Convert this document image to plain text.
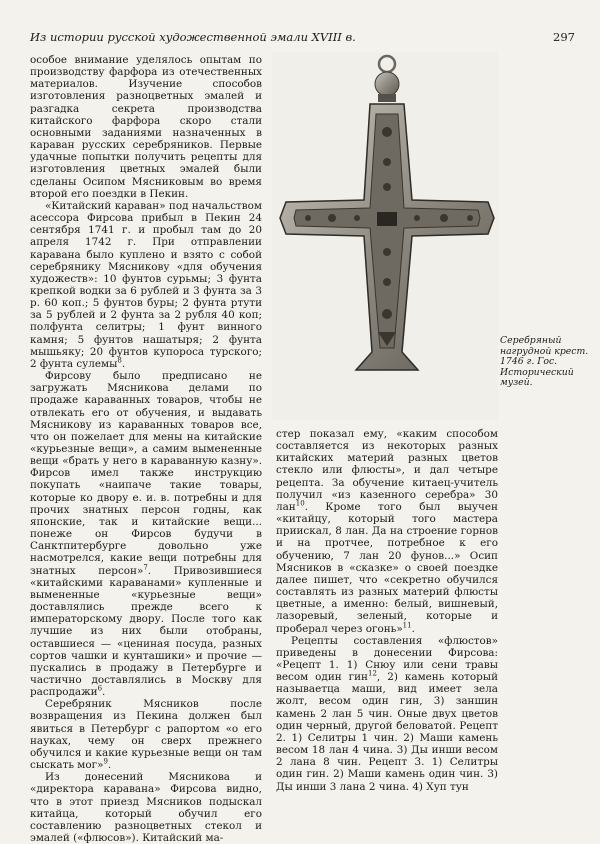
Из истории русской художественной эмали XVIII в.	297

особое внимание уделялось опытам по производству фарфора из отечественных материалов. Изучение способов изготовления разноцветных эмалей и разгадка секрета производства китайского фарфора скоро стали основными заданиями назначенных в караван русских серебряников. Первые удачные попытки получить рецепты для изготовления цветных эмалей были сделаны Осипом Мясниковым во время второй его поездки в Пекин.

«Китайский караван» под начальством асессора Фирсова прибыл в Пекин 24 сентября 1741 г. и пробыл там до 20 апреля 1742 г. При отправлении каравана было куплено и взято с собой серебрянику Мясникову «для обучения художеств»: 10 фунтов сурьмы; 3 фунта крепкой водки за 6 рублей и 3 фунта за 3 р. 60 коп.; 5 фунтов буры; 2 фунта ртути за 5 рублей и 2 фунта за 2 рубля 40 коп; полфунта селитры; 1 фунт винного камня; 5 фунтов нашатыря; 2 фунта мышьяку; 20 фунтов купороса турского; 2 фунта сулемы$^8$.

Фирсову было предписано не загружать Мясникова делами по продаже караванных товаров, чтобы не отвлекать его от обучения, и выдавать Мясникову из караванных товаров все, что он пожелает для мены на китайские «курьезные вещи», а самим вымененные вещи «брать у него в караванную казну». Фирсов имел также инструкцию покупать «наипаче такие товары, которые ко двору е. и. в. потребны и для прочих знатных персон годны, как японские, так и китайские вещи... понеже он Фирсов будучи в Санктпитербурге довольно уже насмотрелся, какие вещи потребны для знатных персон»$^7$. Привозившиеся «китайскими караванами» купленные и вымененные «курьезные вещи» доставлялись прежде всего к императорскому двору. После того как лучшие из них были отобраны, оставшиеся — «цениная посуда, разных сортов чашки и кунташики» и прочие — пускались в продажу в Петербурге и частично доставлялись в Москву для распродажи$^6$.

Серебряник Мясников после возвращения из Пекина должен был явиться в Петербург с рапортом «о его науках, чему он сверх прежнего обучился и какие курьезные вещи он там сыскать мог»$^9$.

Из донесений Мясникова и «директора каравана» Фирсова видно, что в этот приезд Мясников подыскал китайца, который обучил его составлению разноцветных стекол и эмалей («флюсов»). Китайский ма-

Серебряный нагрудной крест. 1746 г. Гос. Исторический музей.

стер показал ему, «каким способом составляется из некоторых разных китайских материй разных цветов стекло или флюсты», и дал четыре рецепта. За обучение китаец-учитель получил «из казенного серебра» 30 лан$^{10}$. Кроме того был выучен «китайцу, который того мастера приискал, 8 лан. Да на строение горнов и на протчее, потребное к его обучению, 7 лан 20 фунов...» Осип Мясников в «сказке» о своей поездке далее пишет, что «секретно обучился составлять из разных материй флюсты цветные, а именно: белый, вишневый, лазоревый, зеленый, которые и проберал через огонь»$^{11}$.

Рецепты составления «флюстов» приведены в донесении Фирсова: «Рецепт 1. 1) Снюу или сени травы весом один гин$^{12}$, 2) камень который называетца маши, вид имеет зела жолт, весом один гин, 3) заншин камень 2 лан 5 чин. Оные двух цветов один черный, другой беловатой. Рецепт 2. 1) Селитры 1 чин. 2) Маши камень весом 18 лан 4 чина. 3) Ды инши весом 2 лана 8 чин. Рецепт 3. 1) Селитры один гин. 2) Маши камень один чин. 3) Ды инши 3 лана 2 чина. 4) Хуп тун
